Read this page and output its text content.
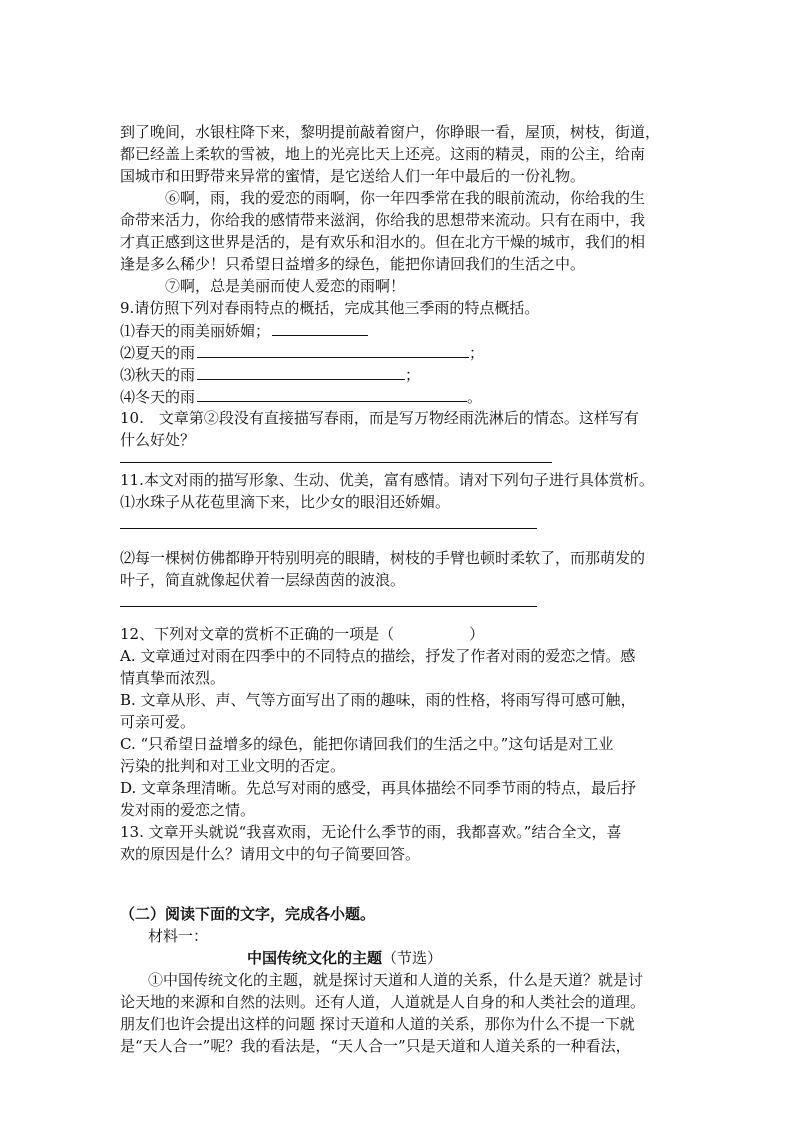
到了晚间，水银柱降下来，黎明提前敲着窗户，你睁眼一看，屋顶，树枝，街道，
都已经盖上柔软的雪被，地上的光亮比天上还亮。这雨的精灵，雨的公主，给南
国城市和田野带来异常的蜜情，是它送给人们一年中最后的一份礼物。
⑥啊，雨，我的爱恋的雨啊，你一年四季常在我的眼前流动，你给我的生
命带来活力，你给我的感情带来滋润，你给我的思想带来流动。只有在雨中，我
才真正感到这世界是活的，是有欢乐和泪水的。但在北方干燥的城市，我们的相
逢是多么稀少！只希望日益增多的绿色，能把你请回我们的生活之中。
⑦啊，总是美丽而使人爱恋的雨啊！
9.请仿照下列对春雨特点的概括，完成其他三季雨的特点概括。
⑴春天的雨美丽娇媚；
⑵夏天的雨	；
⑶秋天的雨	；
⑷冬天的雨	。
10.　文章第②段没有直接描写春雨，而是写万物经雨洗淋后的情态。这样写有
什么好处？
11.本文对雨的描写形象、生动、优美，富有感情。请对下列句子进行具体赏析。
⑴水珠子从花苞里滴下来，比少女的眼泪还娇媚。
⑵每一棵树仿佛都睁开特别明亮的眼睛，树枝的手臂也顿时柔软了，而那萌发的
叶子，简直就像起伏着一层绿茵茵的波浪。
12、下列对文章的赏析不正确的一项是（　　　　　）
A. 文章通过对雨在四季中的不同特点的描绘，抒发了作者对雨的爱恋之情。感
情真挚而浓烈。
B. 文章从形、声、气等方面写出了雨的趣味，雨的性格，将雨写得可感可触，
可亲可爱。
C. “只希望日益增多的绿色，能把你请回我们的生活之中。”这句话是对工业
污染的批判和对工业文明的否定。
D. 文章条理清晰。先总写对雨的感受，再具体描绘不同季节雨的特点，最后抒
发对雨的爱恋之情。
13. 文章开头就说“我喜欢雨，无论什么季节的雨，我都喜欢。”结合全文，喜
欢的原因是什么？请用文中的句子简要回答。
（二）阅读下面的文字，完成各小题。
材料一：
中国传统文化的主题（节选）
①中国传统文化的主题，就是探讨天道和人道的关系，什么是天道？就是讨
论天地的来源和自然的法则。还有人道，人道就是人自身的和人类社会的道理。
朋友们也许会提出这样的问题 探讨天道和人道的关系，那你为什么不提一下就
是“天人合一”呢？我的看法是，“天人合一”只是天道和人道关系的一种看法，
